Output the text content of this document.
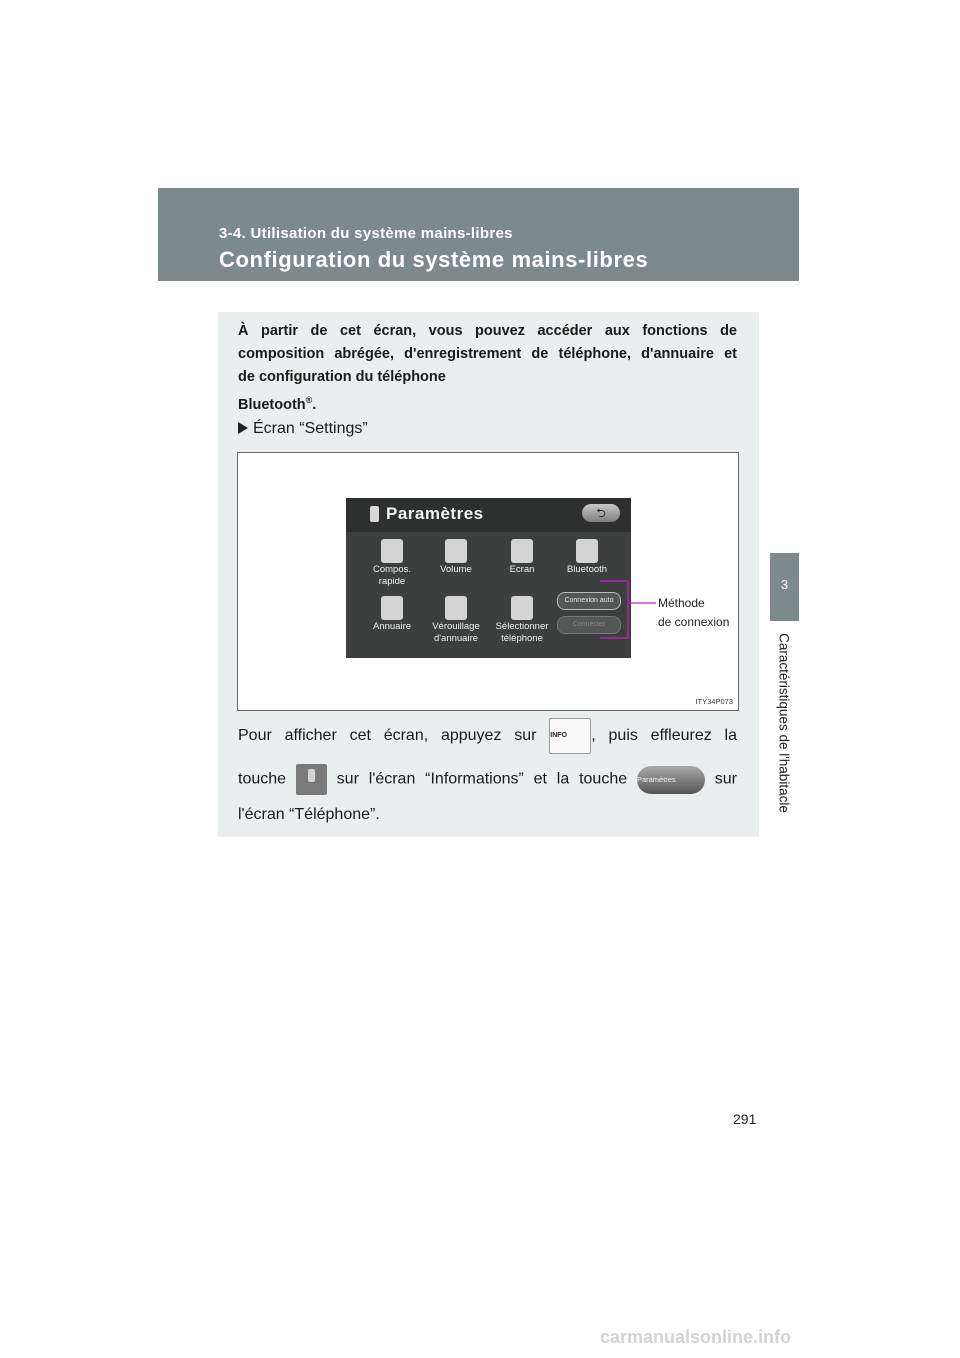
3-4. Utilisation du système mains-libres
Configuration du système mains-libres
3
Caractéristiques de l'habitacle
À partir de cet écran, vous pouvez accéder aux fonctions de
composition abrégée, d'enregistrement de téléphone, d'annuaire et
de configuration du téléphone
Bluetooth®.
Écran “Settings”
Paramètres	⮌
Compos.
rapide
Volume	Ecran	Bluetooth
Annuaire	Vérouillage
d'annuaire
Sélectionner
téléphone
Connexion auto
Connecter
Méthode
de connexion
ITY34P073
Pour afficher cet écran, appuyez sur INFO , puis effleurez la
touche	sur l'écran “Informations” et la touche Paramètres sur
l'écran “Téléphone”.
291
carmanualsonline.info
